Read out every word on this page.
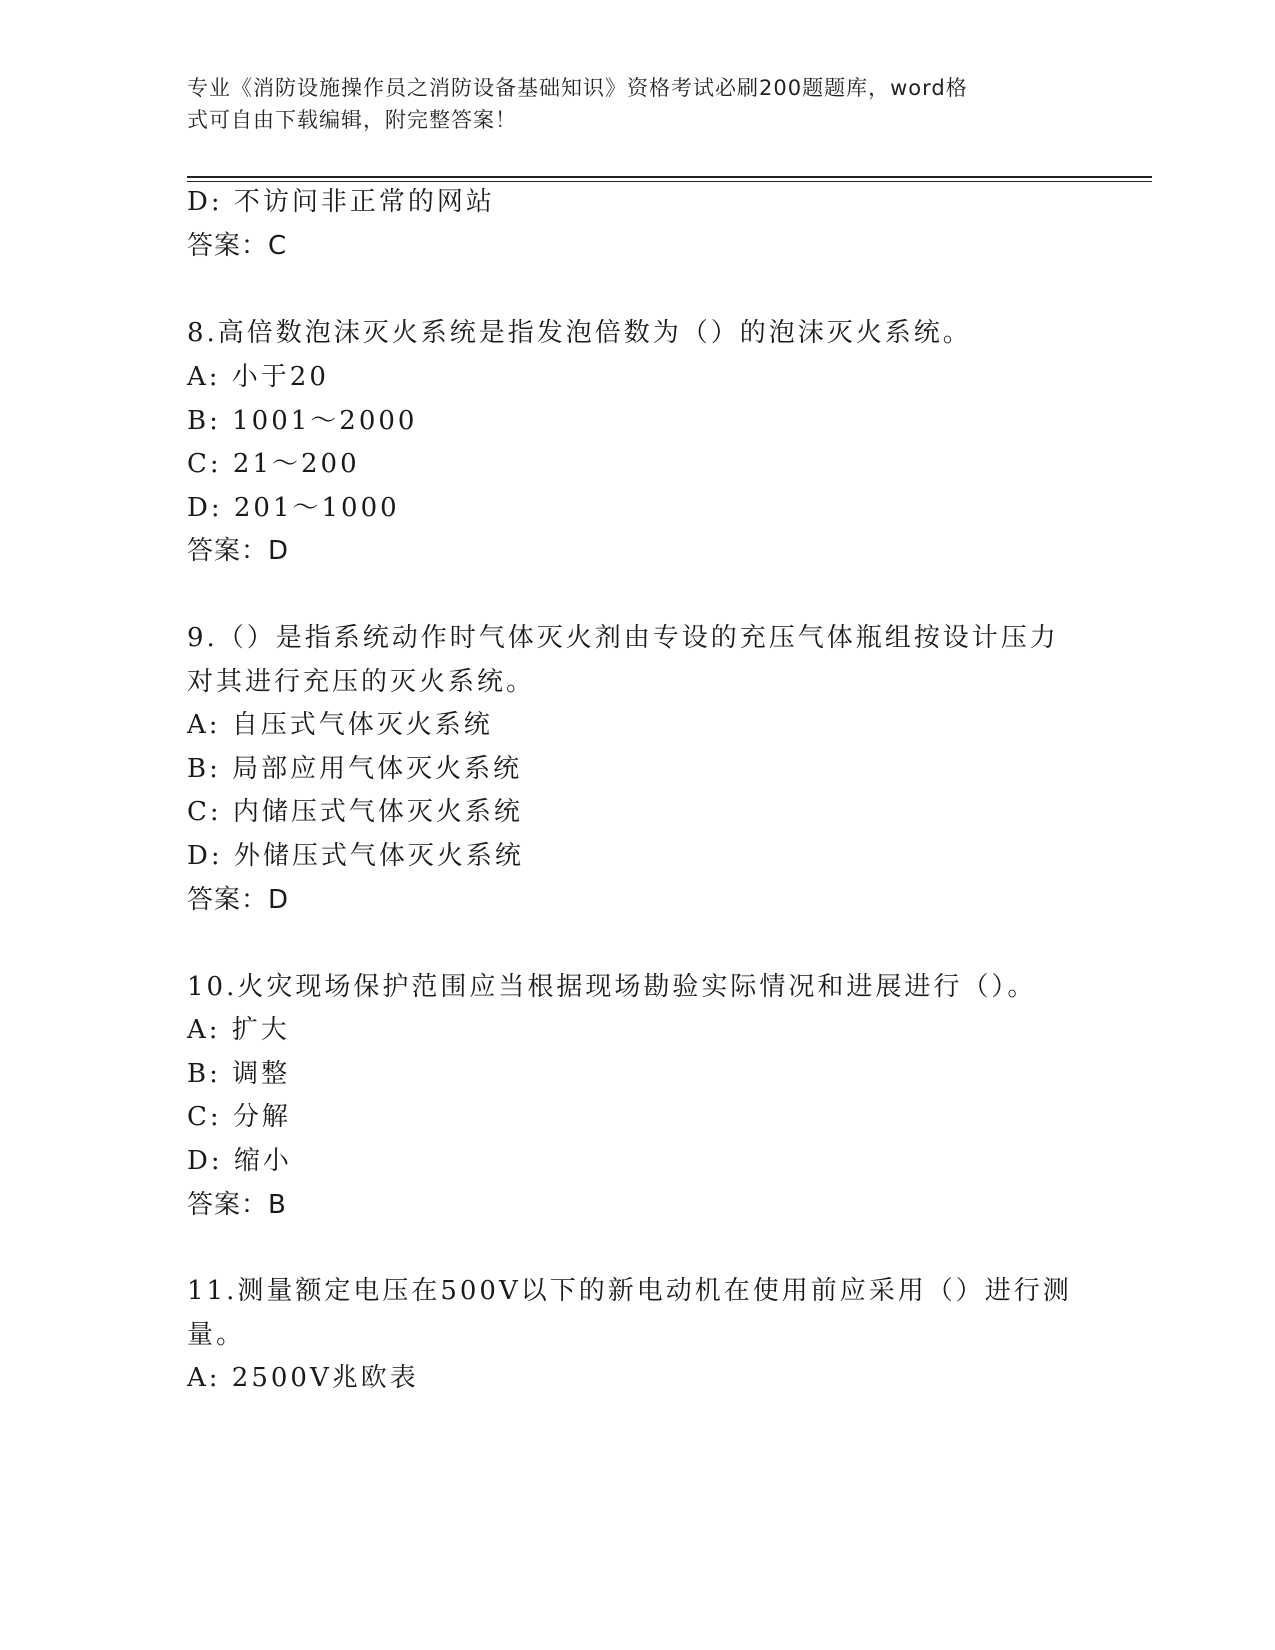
专业《消防设施操作员之消防设备基础知识》资格考试必刷200题题库，word格
式可自由下载编辑，附完整答案！
D: 不访问非正常的网站
答案：C
8.高倍数泡沫灭火系统是指发泡倍数为（）的泡沫灭火系统。
A: 小于20
B: 1001～2000
C: 21～200
D: 201～1000
答案：D
9.（）是指系统动作时气体灭火剂由专设的充压气体瓶组按设计压力
对其进行充压的灭火系统。
A: 自压式气体灭火系统
B: 局部应用气体灭火系统
C: 内储压式气体灭火系统
D: 外储压式气体灭火系统
答案：D
10.火灾现场保护范围应当根据现场勘验实际情况和进展进行（）。
A: 扩大
B: 调整
C: 分解
D: 缩小
答案：B
11.测量额定电压在500V以下的新电动机在使用前应采用（）进行测
量。
A: 2500V兆欧表
